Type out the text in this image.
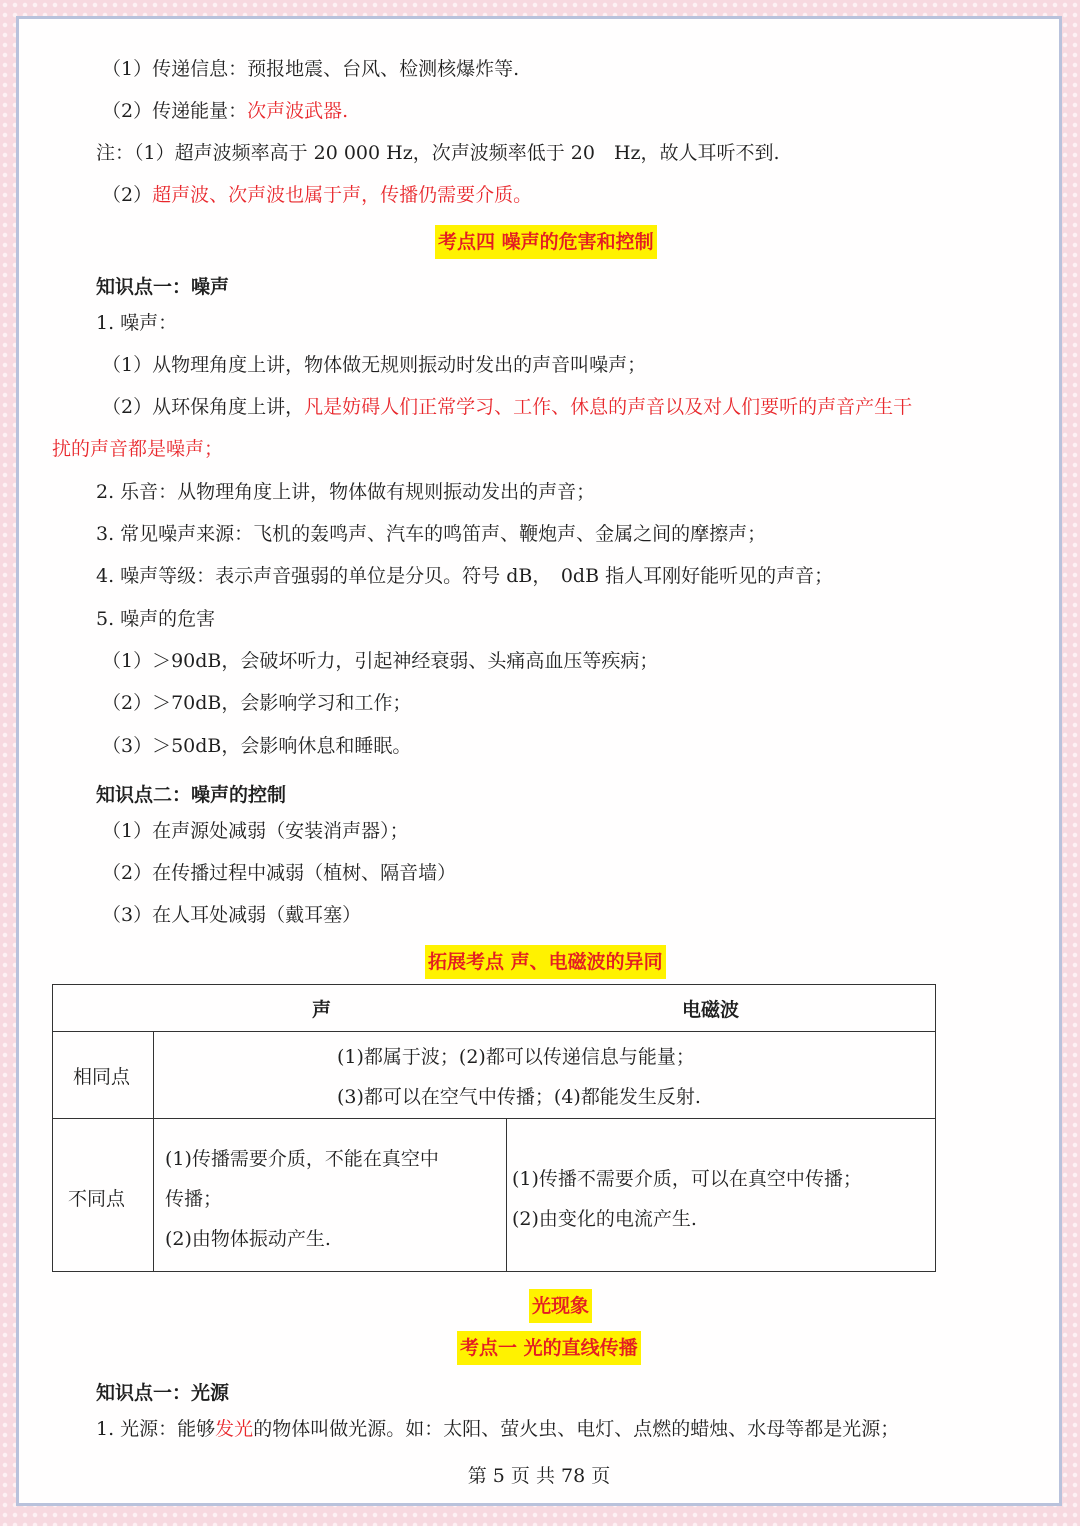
（1）传递信息：预报地震、台风、检测核爆炸等.
（2）传递能量：次声波武器.
注：（1）超声波频率高于 20 000 Hz，次声波频率低于 20　Hz，故人耳听不到.
（2）超声波、次声波也属于声，传播仍需要介质。
考点四 噪声的危害和控制
知识点一：噪声
1. 噪声：
（1）从物理角度上讲，物体做无规则振动时发出的声音叫噪声；
（2）从环保角度上讲，凡是妨碍人们正常学习、工作、休息的声音以及对人们要听的声音产生干
扰的声音都是噪声；
2. 乐音：从物理角度上讲，物体做有规则振动发出的声音；
3. 常见噪声来源：飞机的轰鸣声、汽车的鸣笛声、鞭炮声、金属之间的摩擦声；
4. 噪声等级：表示声音强弱的单位是分贝。符号 dB，　0dB 指人耳刚好能听见的声音；
5. 噪声的危害
（1）＞90dB，会破坏听力，引起神经衰弱、头痛高血压等疾病；
（2）＞70dB，会影响学习和工作；
（3）＞50dB，会影响休息和睡眠。
知识点二：噪声的控制
（1）在声源处减弱（安装消声器）；
（2）在传播过程中减弱（植树、隔音墙）
（3）在人耳处减弱（戴耳塞）
拓展考点 声、电磁波的异同
声 电磁波		

相同点	(1)都属于波；(2)都可以传递信息与能量；
(3)都可以在空气中传播；(4)都能发生反射.	

不同点	(1)传播需要介质，不能在真空中
传播；
(2)由物体振动产生.	(1)传播不需要介质，可以在真空中传播；
(2)由变化的电流产生.
光现象
考点一 光的直线传播
知识点一：光源
1. 光源：能够发光的物体叫做光源。如：太阳、萤火虫、电灯、点燃的蜡烛、水母等都是光源；
第 5 页 共 78 页
